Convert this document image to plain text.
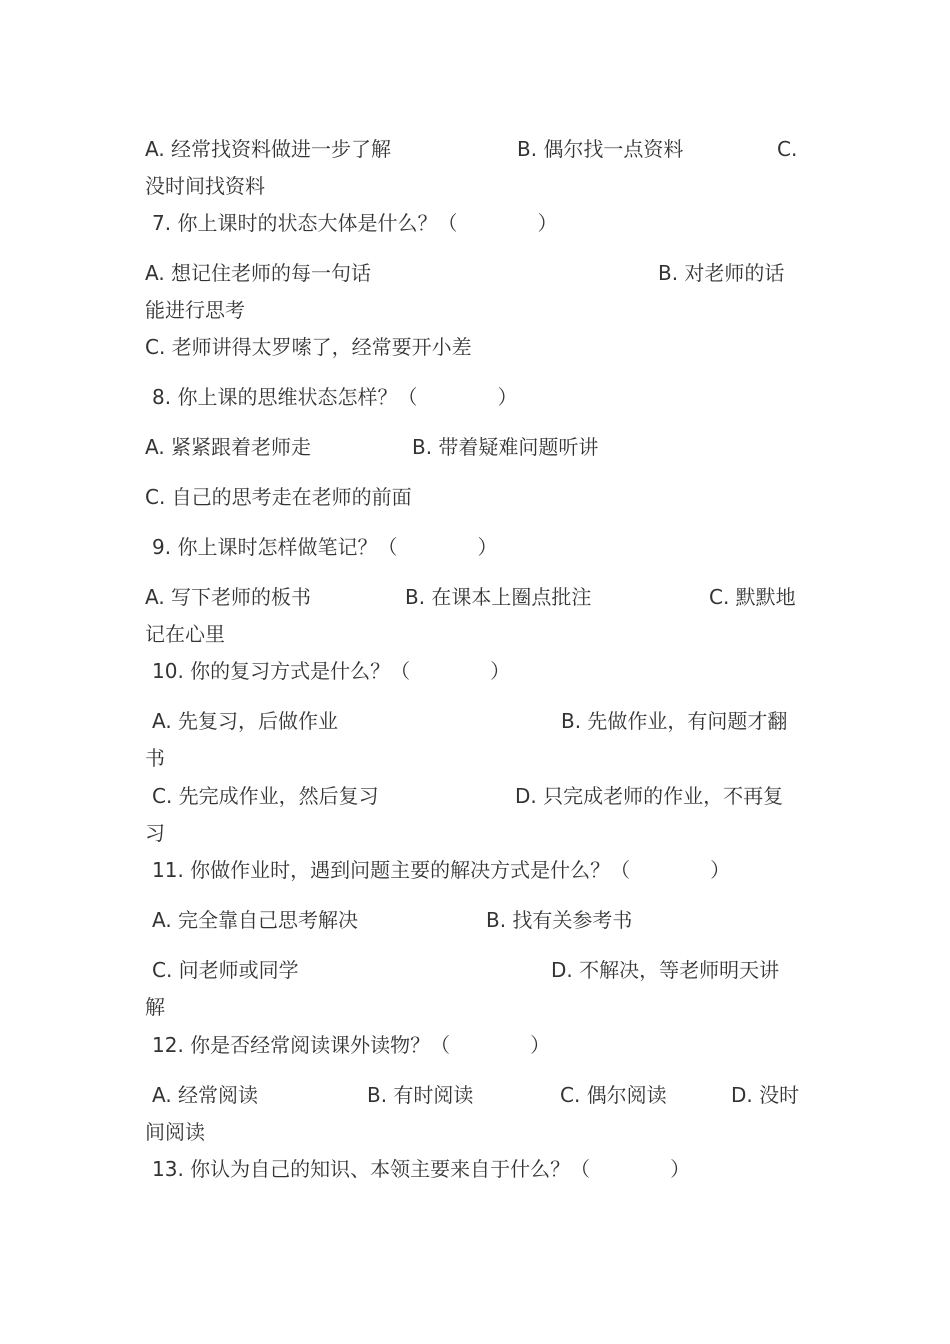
A. 经常找资料做进一步了解	B. 偶尔找一点资料	C.

没时间找资料

7. 你上课时的状态大体是什么？（　　　　）

A. 想记住老师的每一句话	B. 对老师的话

能进行思考

C. 老师讲得太罗嗦了，经常要开小差

8. 你上课的思维状态怎样？（　　　　）

A. 紧紧跟着老师走	B. 带着疑难问题听讲

C. 自己的思考走在老师的前面

9. 你上课时怎样做笔记？（　　　　）

A. 写下老师的板书	B. 在课本上圈点批注	C. 默默地

记在心里

10. 你的复习方式是什么？（　　　　）

A. 先复习，后做作业	B. 先做作业，有问题才翻

书

C. 先完成作业，然后复习	D. 只完成老师的作业，不再复

习

11. 你做作业时，遇到问题主要的解决方式是什么？（　　　　）

A. 完全靠自己思考解决	B. 找有关参考书

C. 问老师或同学	D. 不解决，等老师明天讲

解

12. 你是否经常阅读课外读物？（　　　　）

A. 经常阅读	B. 有时阅读	C. 偶尔阅读	D. 没时

间阅读

13. 你认为自己的知识、本领主要来自于什么？（　　　　）
